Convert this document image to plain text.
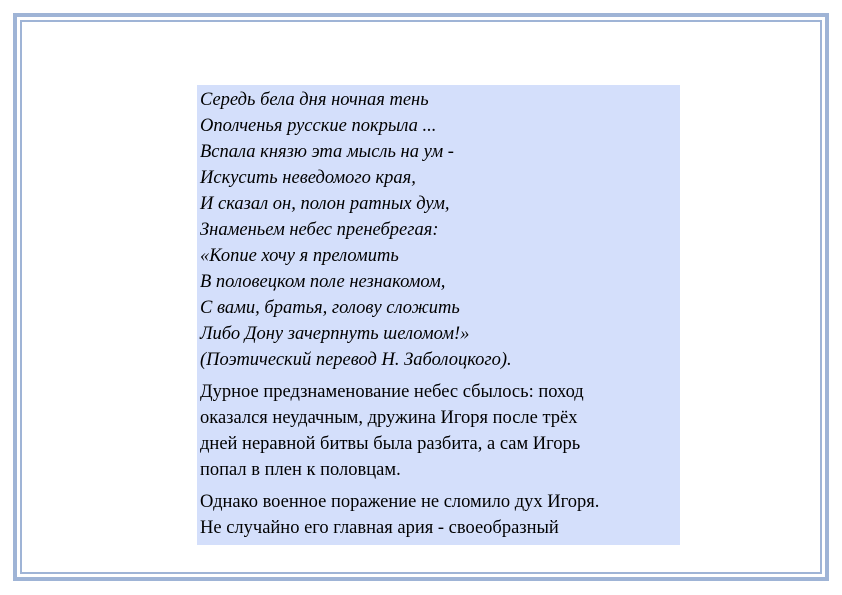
Середь бела дня ночная тень
Ополченья русские покрыла ...
Вспала князю эта мысль на ум -
Искусить неведомого края,
И сказал он, полон ратных дум,
Знаменьем небес пренебрегая:
«Копие хочу я преломить
В половецком поле незнакомом,
С вами, братья, голову сложить
Либо Дону зачерпнуть шеломом!»
(Поэтический перевод Н. Заболоцкого).
Дурное предзнаменование небес сбылось: поход
оказался неудачным, дружина Игоря после трёх
дней неравной битвы была разбита, а сам Игорь
попал в плен к половцам.
Однако военное поражение не сломило дух Игоря.
Не случайно его главная ария - своеобразный
